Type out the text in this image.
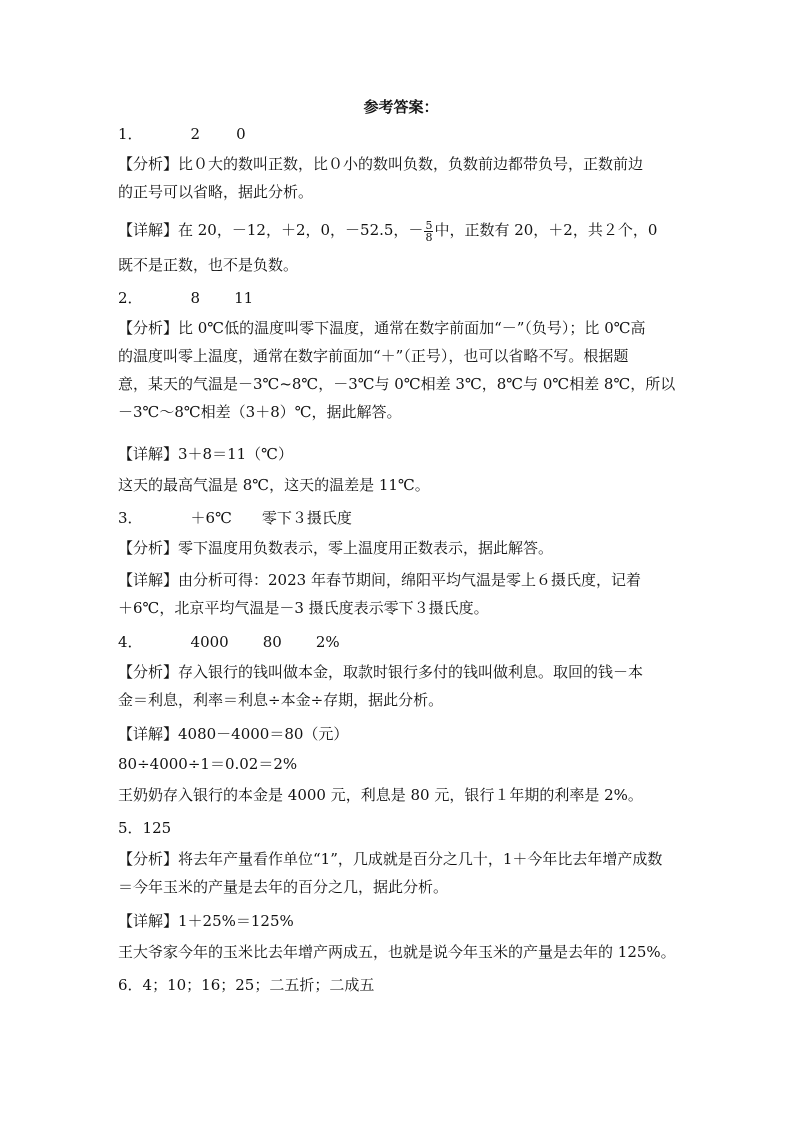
参考答案：
1．	2 0
【分析】比０大的数叫正数，比０小的数叫负数，负数前边都带负号，正数前边
的正号可以省略，据此分析。
【详解】在 20，－12，＋2，0，－52.5，－ $\frac{5}{8}$ 中，正数有 20，＋2，共２个，0
既不是正数，也不是负数。
2．	8 11
【分析】比 0℃低的温度叫零下温度，通常在数字前面加“－”（负号）；比 0℃高
的温度叫零上温度，通常在数字前面加“＋”（正号），也可以省略不写。根据题
意，某天的气温是－3℃~8℃，－3℃与 0℃相差 3℃，8℃与 0℃相差 8℃，所以
－3℃～8℃相差（3＋8）℃，据此解答。
【详解】3＋8＝11（℃）
这天的最高气温是 8℃，这天的温差是 11℃。
3．	＋6℃ 零下３摄氏度
【分析】零下温度用负数表示，零上温度用正数表示，据此解答。
【详解】由分析可得：2023 年春节期间，绵阳平均气温是零上６摄氏度，记着
＋6℃，北京平均气温是－3 摄氏度表示零下３摄氏度。
4．	4000 80 2%
【分析】存入银行的钱叫做本金，取款时银行多付的钱叫做利息。取回的钱－本
金＝利息，利率＝利息÷本金÷存期，据此分析。
【详解】4080－4000＝80（元）
80÷4000÷1＝0.02＝2%
王奶奶存入银行的本金是 4000 元，利息是 80 元，银行１年期的利率是 2%。
5．125
【分析】将去年产量看作单位“1”，几成就是百分之几十，1＋今年比去年增产成数
＝今年玉米的产量是去年的百分之几，据此分析。
【详解】1＋25%＝125%
王大爷家今年的玉米比去年增产两成五，也就是说今年玉米的产量是去年的 125%。
6．4；10；16；25；二五折；二成五
